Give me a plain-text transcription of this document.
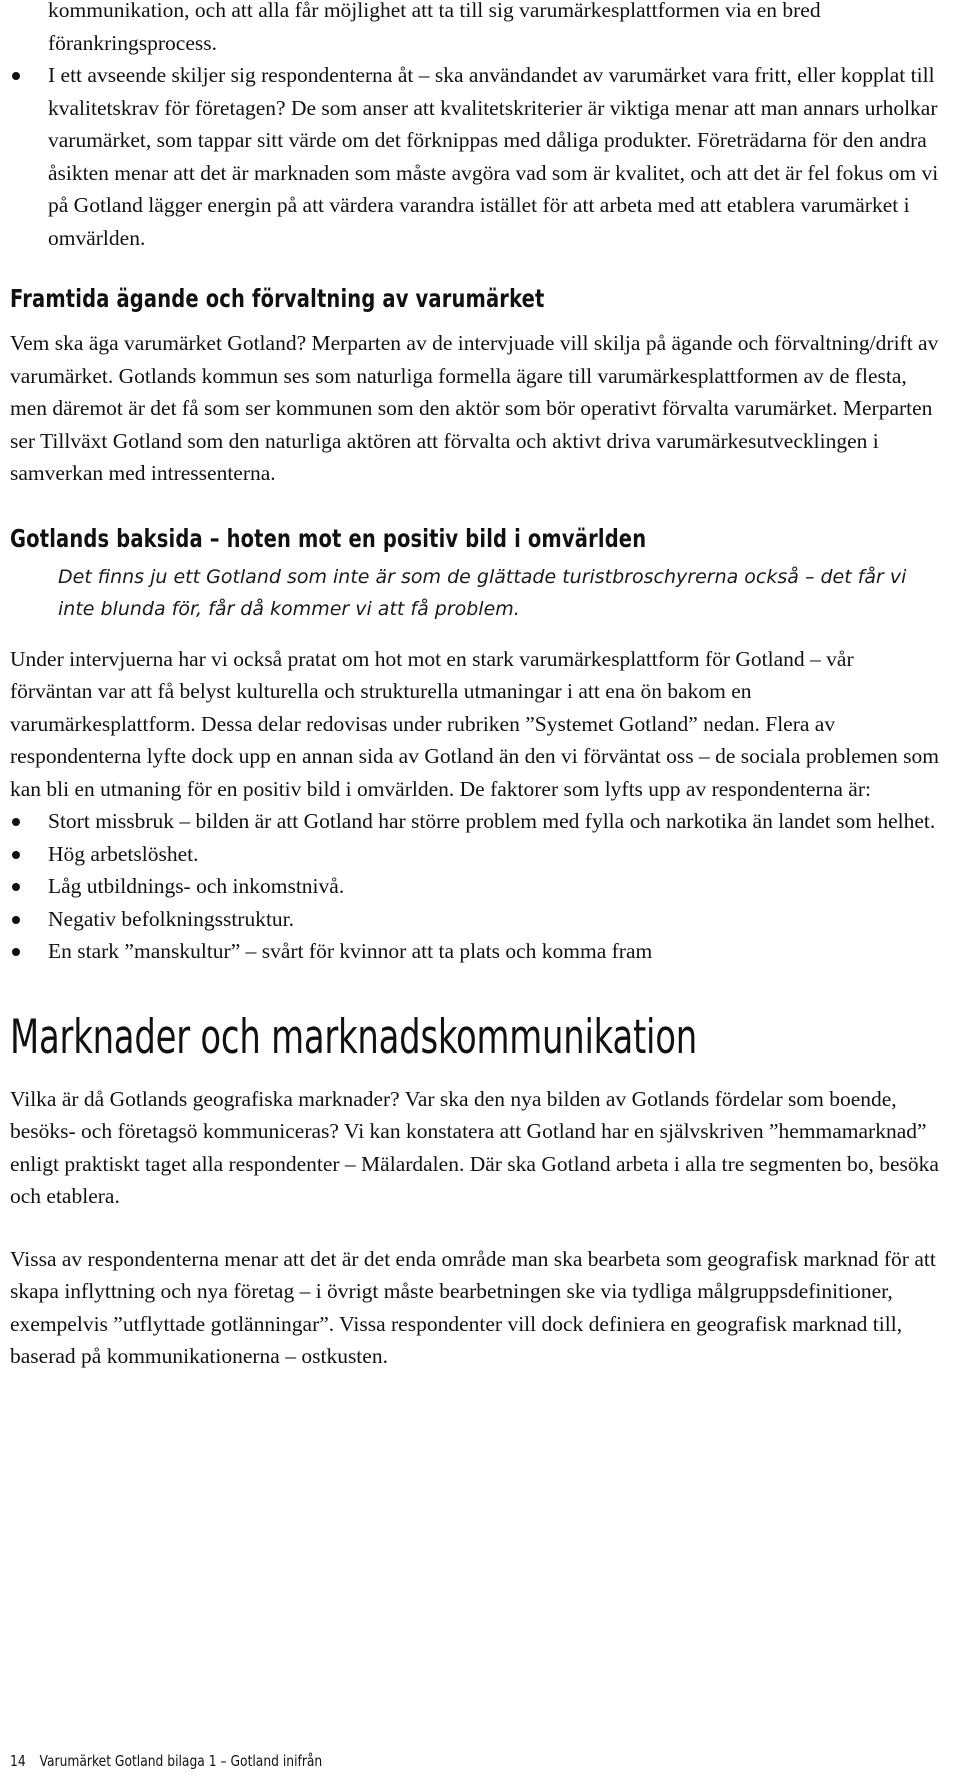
kommunikation, och att alla får möjlighet att ta till sig varumärkesplattformen via en bred förankringsprocess.
I ett avseende skiljer sig respondenterna åt – ska användandet av varumärket vara fritt, eller kopplat till kvalitetskrav för företagen? De som anser att kvalitetskriterier är viktiga menar att man annars urholkar varumärket, som tappar sitt värde om det förknippas med dåliga produkter. Företrädarna för den andra åsikten menar att det är marknaden som måste avgöra vad som är kvalitet, och att det är fel fokus om vi på Gotland lägger energin på att värdera varandra istället för att arbeta med att etablera varumärket i omvärlden.
Framtida ägande och förvaltning av varumärket

Vem ska äga varumärket Gotland? Merparten av de intervjuade vill skilja på ägande och förvaltning/drift av varumärket. Gotlands kommun ses som naturliga formella ägare till varumärkesplattformen av de flesta, men däremot är det få som ser kommunen som den aktör som bör operativt förvalta varumärket. Merparten ser Tillväxt Gotland som den naturliga aktören att förvalta och aktivt driva varumärkesutvecklingen i samverkan med intressenterna.

Gotlands baksida – hoten mot en positiv bild i omvärlden

Det finns ju ett Gotland som inte är som de glättade turistbroschyrerna också – det får vi inte blunda för, får då kommer vi att få problem.

Under intervjuerna har vi också pratat om hot mot en stark varumärkesplattform för Gotland – vår förväntan var att få belyst kulturella och strukturella utmaningar i att ena ön bakom en varumärkesplattform. Dessa delar redovisas under rubriken ”Systemet Gotland” nedan. Flera av respondenterna lyfte dock upp en annan sida av Gotland än den vi förväntat oss – de sociala problemen som kan bli en utmaning för en positiv bild i omvärlden. De faktorer som lyfts upp av respondenterna är:

Stort missbruk – bilden är att Gotland har större problem med fylla och narkotika än landet som helhet.
Hög arbetslöshet.
Låg utbildnings- och inkomstnivå.
Negativ befolkningsstruktur.
En stark ”manskultur” – svårt för kvinnor att ta plats och komma fram
Marknader och marknadskommunikation

Vilka är då Gotlands geografiska marknader? Var ska den nya bilden av Gotlands fördelar som boende, besöks- och företagsö kommuniceras? Vi kan konstatera att Gotland har en självskriven ”hemmamarknad” enligt praktiskt taget alla respondenter – Mälardalen. Där ska Gotland arbeta i alla tre segmenten bo, besöka och etablera.

Vissa av respondenterna menar att det är det enda område man ska bearbeta som geografisk marknad för att skapa inflyttning och nya företag – i övrigt måste bearbetningen ske via tydliga målgruppsdefinitioner, exempelvis ”utflyttade gotlänningar”. Vissa respondenter vill dock definiera en geografisk marknad till, baserad på kommunikationerna – ostkusten.

14 Varumärket Gotland bilaga 1 – Gotland inifrån
